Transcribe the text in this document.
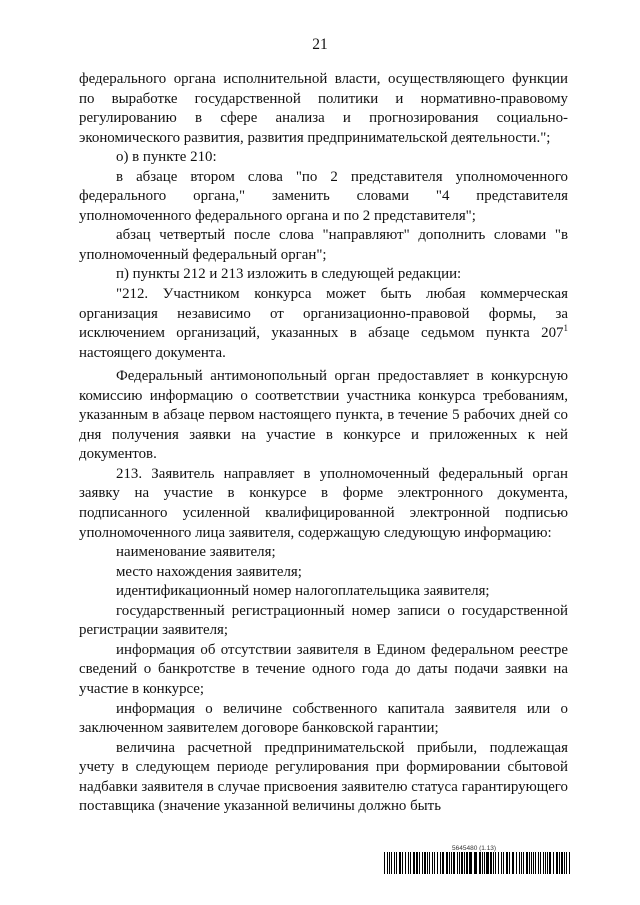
21

федерального органа исполнительной власти, осуществляющего функции по выработке государственной политики и нормативно-правовому регулированию в сфере анализа и прогнозирования социально-экономического развития, развития предпринимательской деятельности.";

о) в пункте 210:

в абзаце втором слова "по 2 представителя уполномоченного федерального органа," заменить словами "4 представителя уполномоченного федерального органа и по 2 представителя";

абзац четвертый после слова "направляют" дополнить словами "в уполномоченный федеральный орган";

п) пункты 212 и 213 изложить в следующей редакции:

"212. Участником конкурса может быть любая коммерческая организация независимо от организационно-правовой формы, за исключением организаций, указанных в абзаце седьмом пункта $207^1$ настоящего документа.

Федеральный антимонопольный орган предоставляет в конкурсную комиссию информацию о соответствии участника конкурса требованиям, указанным в абзаце первом настоящего пункта, в течение 5 рабочих дней со дня получения заявки на участие в конкурсе и приложенных к ней документов.

213. Заявитель направляет в уполномоченный федеральный орган заявку на участие в конкурсе в форме электронного документа, подписанного усиленной квалифицированной электронной подписью уполномоченного лица заявителя, содержащую следующую информацию:

наименование заявителя;

место нахождения заявителя;

идентификационный номер налогоплательщика заявителя;

государственный регистрационный номер записи о государственной регистрации заявителя;

информация об отсутствии заявителя в Едином федеральном реестре сведений о банкротстве в течение одного года до даты подачи заявки на участие в конкурсе;

информация о величине собственного капитала заявителя или о заключенном заявителем договоре банковской гарантии;

величина расчетной предпринимательской прибыли, подлежащая учету в следующем периоде регулирования при формировании сбытовой надбавки заявителя в случае присвоения заявителю статуса гарантирующего поставщика (значение указанной величины должно быть

5645480 (1.13)
